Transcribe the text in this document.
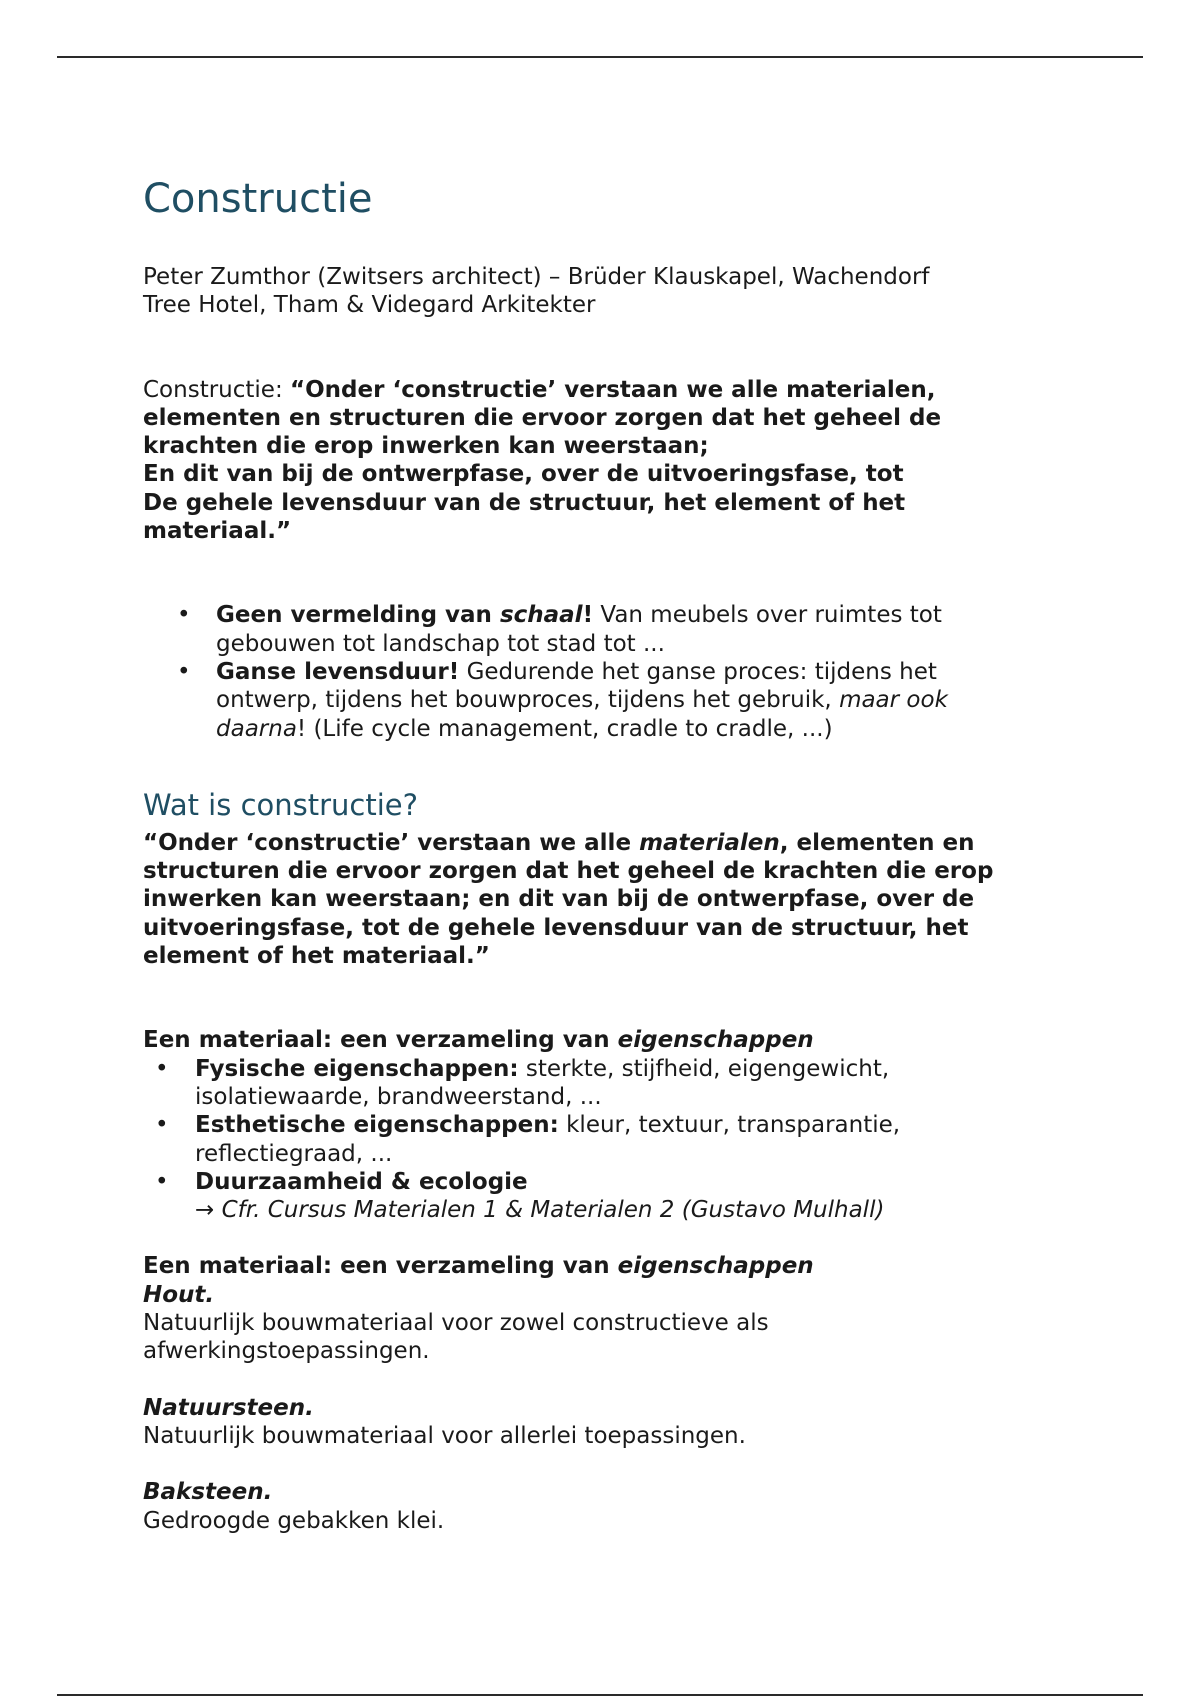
Constructie

Peter Zumthor (Zwitsers architect) – Brüder Klauskapel, Wachendorf
Tree Hotel, Tham & Videgard Arkitekter

Constructie: “Onder ‘constructie’ verstaan we alle materialen,
elementen en structuren die ervoor zorgen dat het geheel de
krachten die erop inwerken kan weerstaan;
En dit van bij de ontwerpfase, over de uitvoeringsfase, tot
De gehele levensduur van de structuur, het element of het
materiaal.”

• Geen vermelding van schaal! Van meubels over ruimtes tot
gebouwen tot landschap tot stad tot ...
• Ganse levensduur! Gedurende het ganse proces: tijdens het
ontwerp, tijdens het bouwproces, tijdens het gebruik, maar ook
daarna! (Life cycle management, cradle to cradle, ...)
Wat is constructie?

“Onder ‘constructie’ verstaan we alle materialen, elementen en
structuren die ervoor zorgen dat het geheel de krachten die erop
inwerken kan weerstaan; en dit van bij de ontwerpfase, over de
uitvoeringsfase, tot de gehele levensduur van de structuur, het
element of het materiaal.”

Een materiaal: een verzameling van eigenschappen

• Fysische eigenschappen: sterkte, stijfheid, eigengewicht,
isolatiewaarde, brandweerstand, ...
• Esthetische eigenschappen: kleur, textuur, transparantie,
reflectiegraad, ...
• Duurzaamheid & ecologie
→ Cfr. Cursus Materialen 1 & Materialen 2 (Gustavo Mulhall)

Een materiaal: een verzameling van eigenschappen

Hout.
Natuurlijk bouwmateriaal voor zowel constructieve als
afwerkingstoepassingen.

Natuursteen.
Natuurlijk bouwmateriaal voor allerlei toepassingen.

Baksteen.
Gedroogde gebakken klei.
